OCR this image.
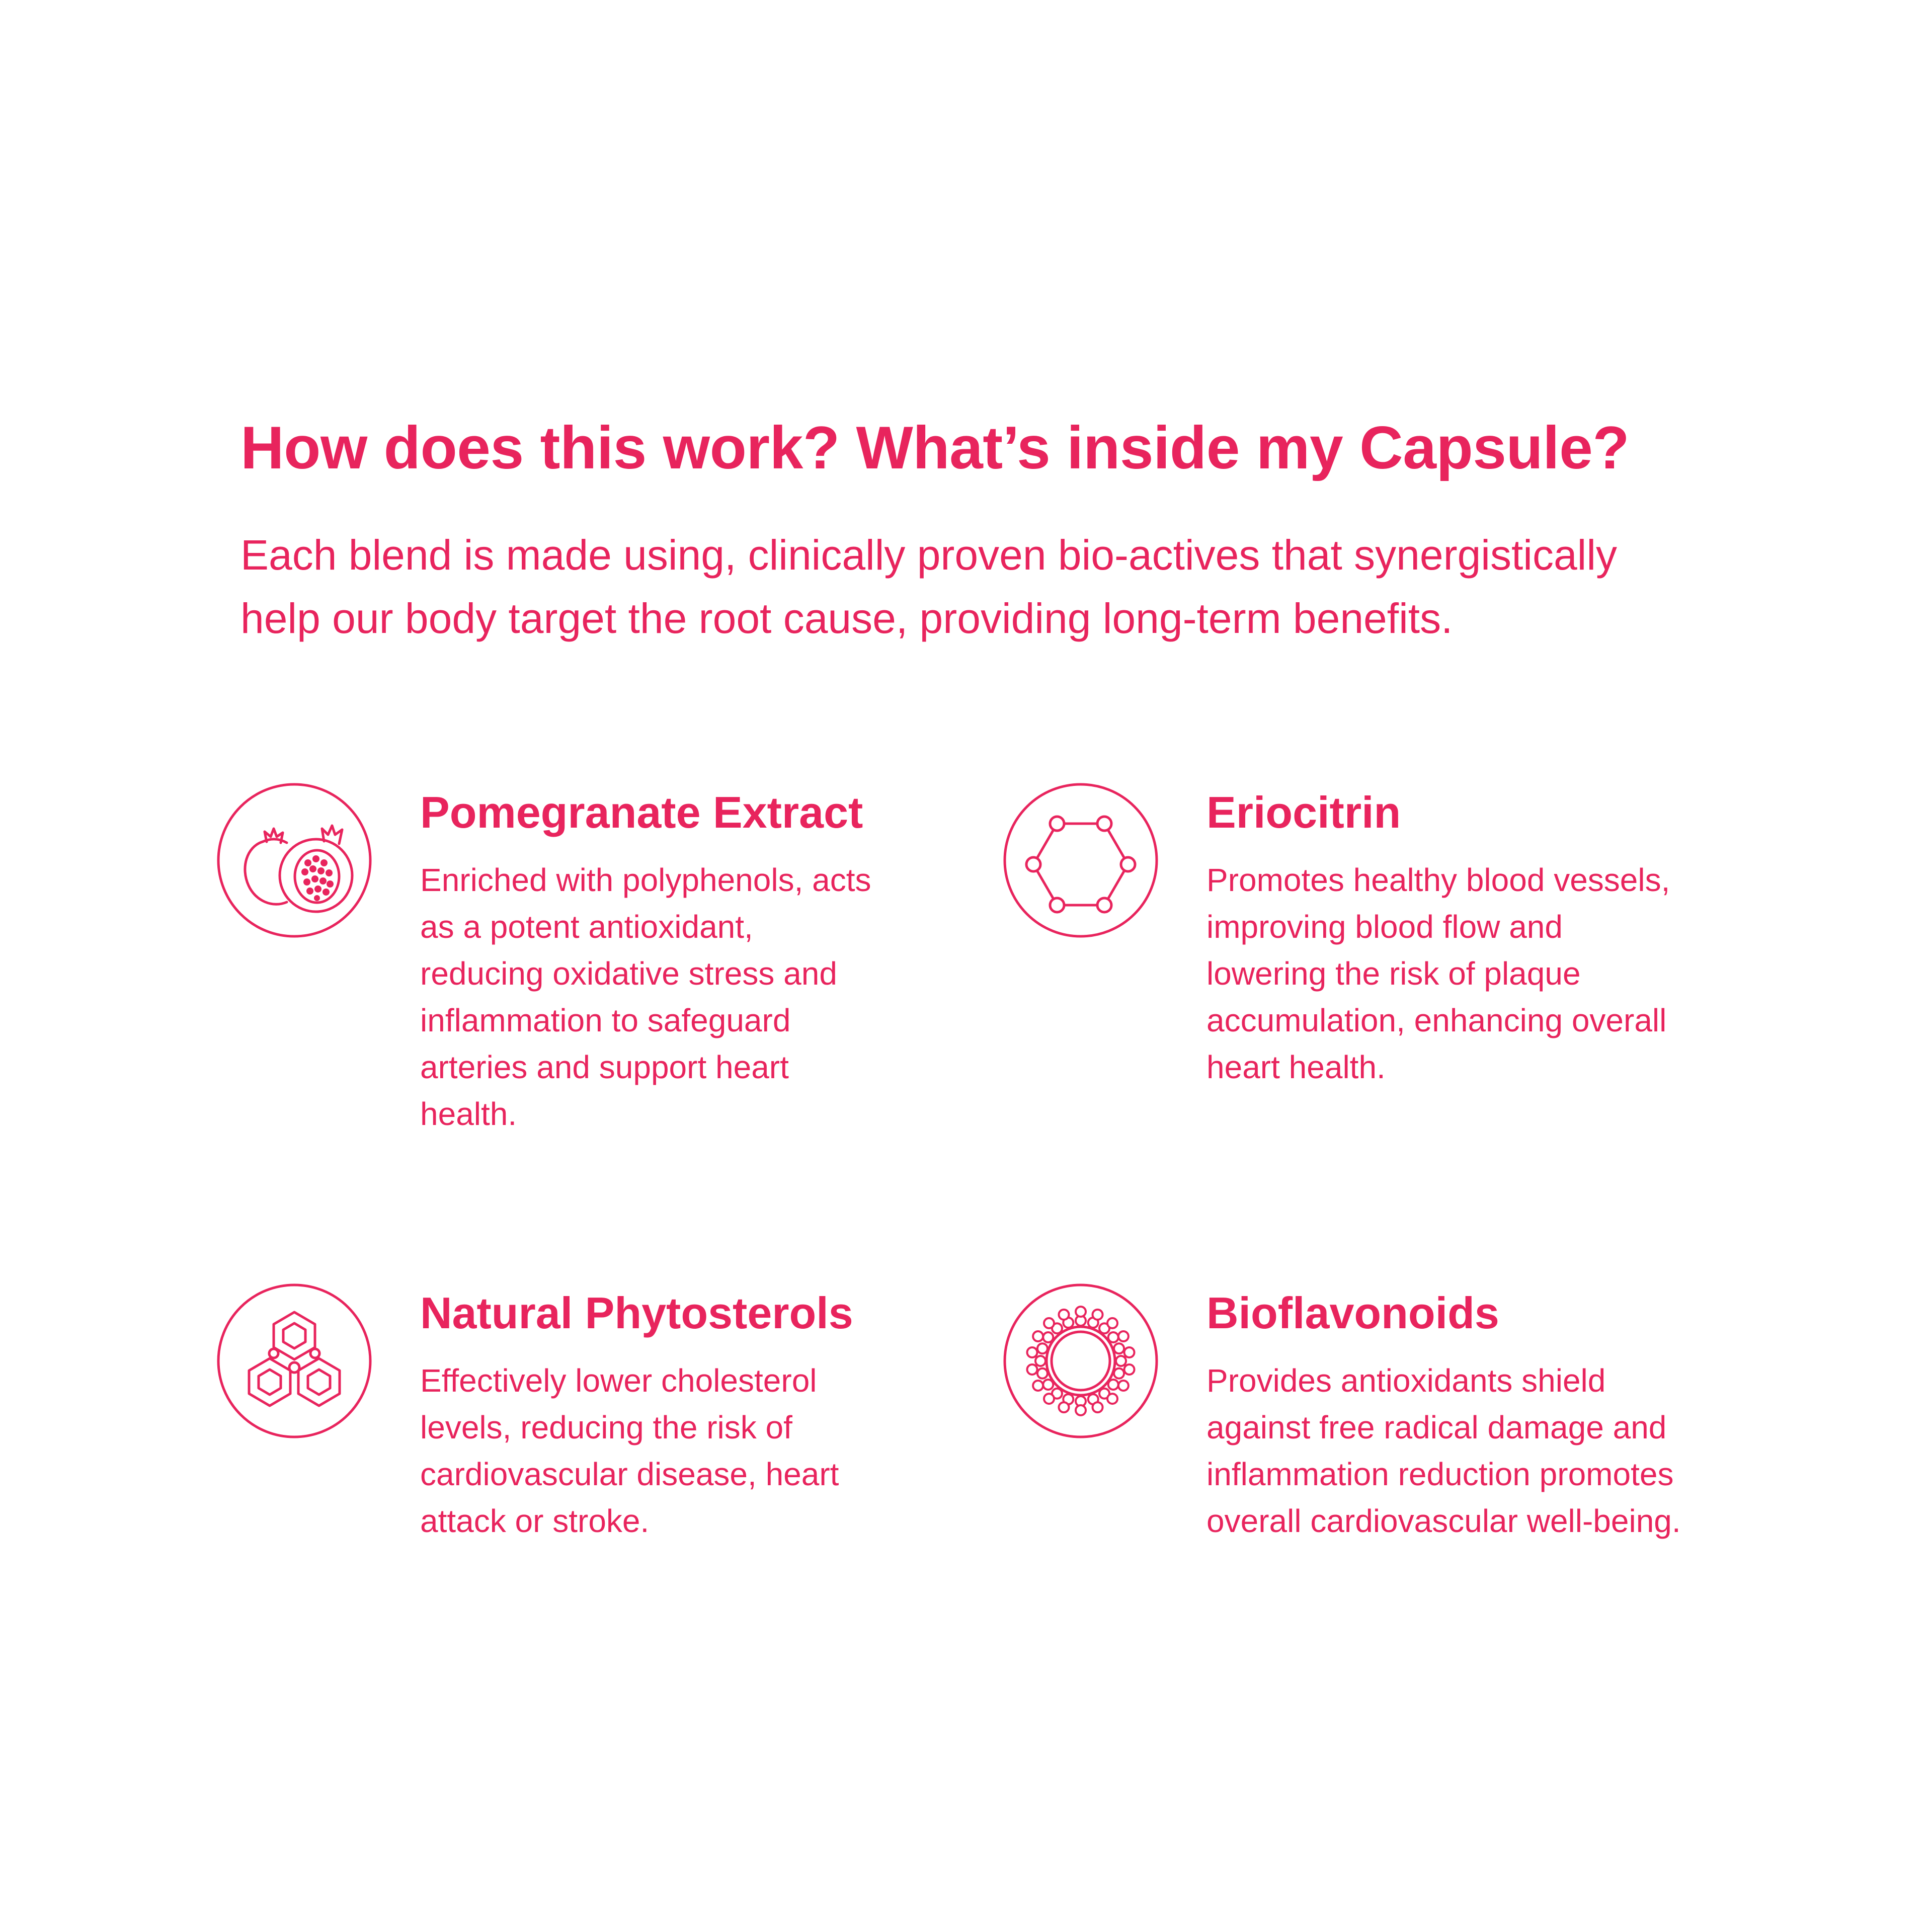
How does this work? What’s inside my Capsule?

Each blend is made using, clinically proven bio-actives that synergistically
help our body target the root cause, providing long-term benefits.

Pomegranate Extract

Enriched with polyphenols, acts
as a potent antioxidant,
reducing oxidative stress and
inflammation to safeguard
arteries and support heart
health.

Eriocitrin

Promotes healthy blood vessels,
improving blood flow and
lowering the risk of plaque
accumulation, enhancing overall
heart health.

Natural Phytosterols

Effectively lower cholesterol
levels, reducing the risk of
cardiovascular disease, heart
attack or stroke.

Bioflavonoids

Provides antioxidants shield
against free radical damage and
inflammation reduction promotes
overall cardiovascular well-being.
